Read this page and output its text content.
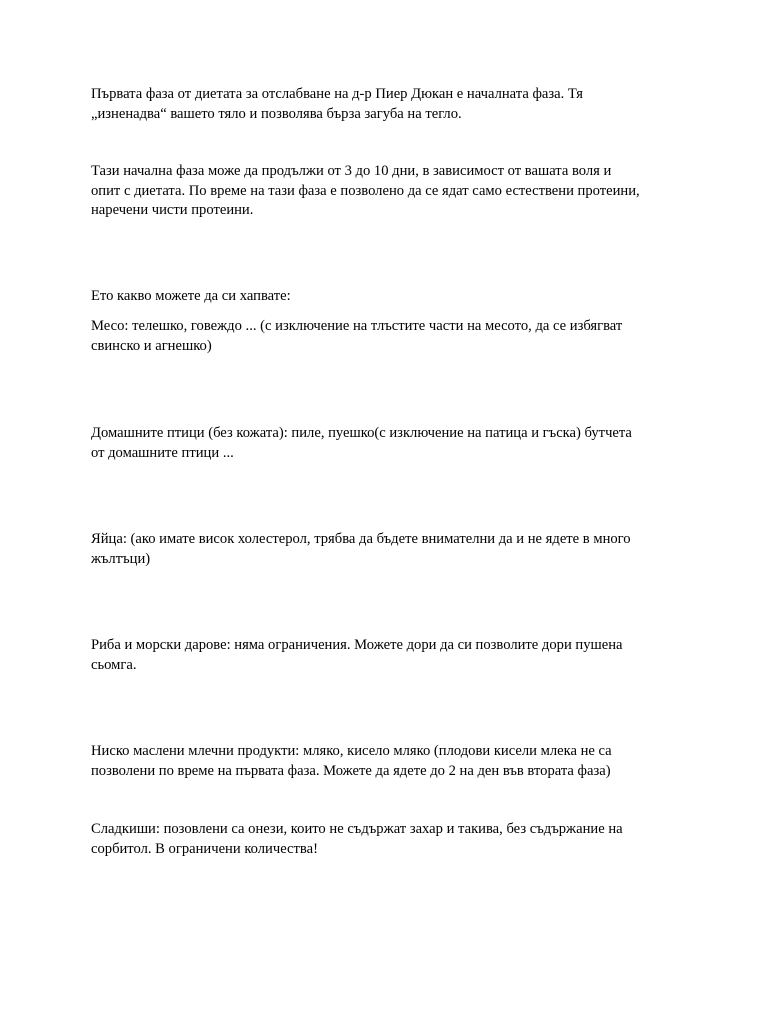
Първата фаза от диетата за отслабване на д-р Пиер Дюкан е началната фаза. Тя
„изненадва“ вашето тяло и позволява бърза загуба на тегло.

Тази начална фаза може да продължи от 3 до 10 дни, в зависимост от вашата воля и
опит с диетата. По време на тази фаза е позволено да се ядат само естествени протеини,
наречени чисти протеини.

Ето какво можете да си хапвате:

Месо: телешко, говеждо ... (с изключение на тлъстите части на месото, да се избягват
свинско и агнешко)

Домашните птици (без кожата): пиле, пуешко(с изключение на патица и гъска) бутчета
от домашните птици ...

Яйца: (ако имате висок холестерол, трябва да бъдете внимателни да и не ядете в много
жълтъци)

Риба и морски дарове: няма ограничения. Можете дори да си позволите дори пушена
сьомга.

Ниско маслени млечни продукти: мляко, кисело мляко (плодови кисели млека не са
позволени по време на първата фаза. Можете да ядете до 2 на ден във втората фаза)

Сладкиши: позовлени са онези, които не съдържат захар и такива, без съдържание на
сорбитол. В ограничени количества!
